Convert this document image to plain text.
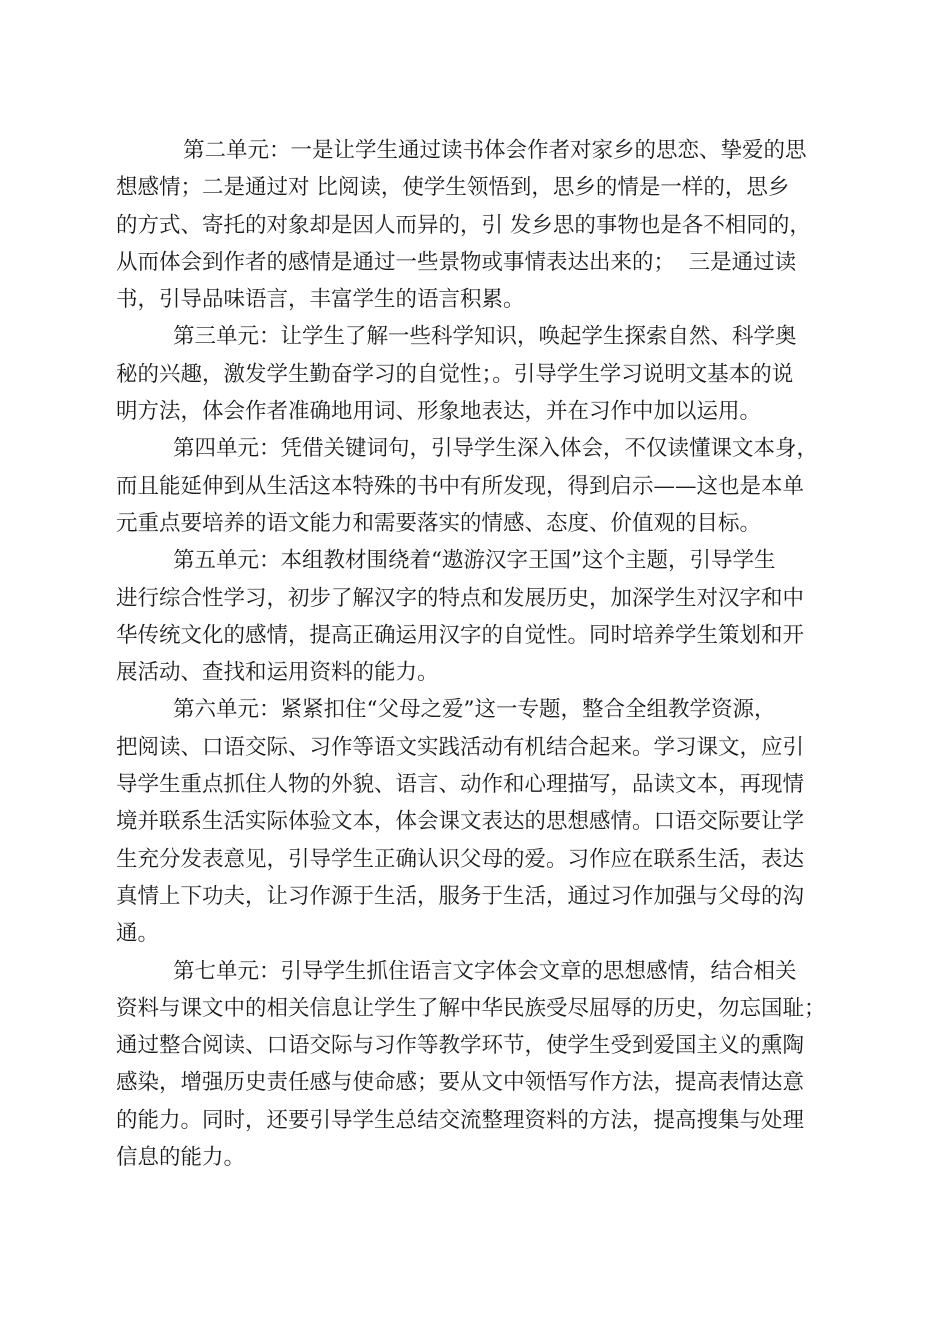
第二单元：一是让学生通过读书体会作者对家乡的思恋、挚爱的思
想感情；二是通过对 比阅读，使学生领悟到，思乡的情是一样的，思乡
的方式、寄托的对象却是因人而异的，引 发乡思的事物也是各不相同的，
从而体会到作者的感情是通过一些景物或事情表达出来的；  三是通过读
书，引导品味语言，丰富学生的语言积累。
第三单元：让学生了解一些科学知识，唤起学生探索自然、科学奥
秘的兴趣，激发学生勤奋学习的自觉性；。引导学生学习说明文基本的说
明方法，体会作者准确地用词、形象地表达，并在习作中加以运用。
第四单元：凭借关键词句，引导学生深入体会，不仅读懂课文本身，
而且能延伸到从生活这本特殊的书中有所发现，得到启示——这也是本单
元重点要培养的语文能力和需要落实的情感、态度、价值观的目标。
第五单元：本组教材围绕着“遨游汉字王国”这个主题，引导学生
进行综合性学习，初步了解汉字的特点和发展历史，加深学生对汉字和中
华传统文化的感情，提高正确运用汉字的自觉性。同时培养学生策划和开
展活动、查找和运用资料的能力。
第六单元：紧紧扣住“父母之爱”这一专题，整合全组教学资源，
把阅读、口语交际、习作等语文实践活动有机结合起来。学习课文，应引
导学生重点抓住人物的外貌、语言、动作和心理描写，品读文本，再现情
境并联系生活实际体验文本，体会课文表达的思想感情。口语交际要让学
生充分发表意见，引导学生正确认识父母的爱。习作应在联系生活，表达
真情上下功夫，让习作源于生活，服务于生活，通过习作加强与父母的沟
通。
第七单元：引导学生抓住语言文字体会文章的思想感情，结合相关
资料与课文中的相关信息让学生了解中华民族受尽屈辱的历史，勿忘国耻；
通过整合阅读、口语交际与习作等教学环节，使学生受到爱国主义的熏陶
感染，增强历史责任感与使命感；要从文中领悟写作方法，提高表情达意
的能力。同时，还要引导学生总结交流整理资料的方法，提高搜集与处理
信息的能力。
